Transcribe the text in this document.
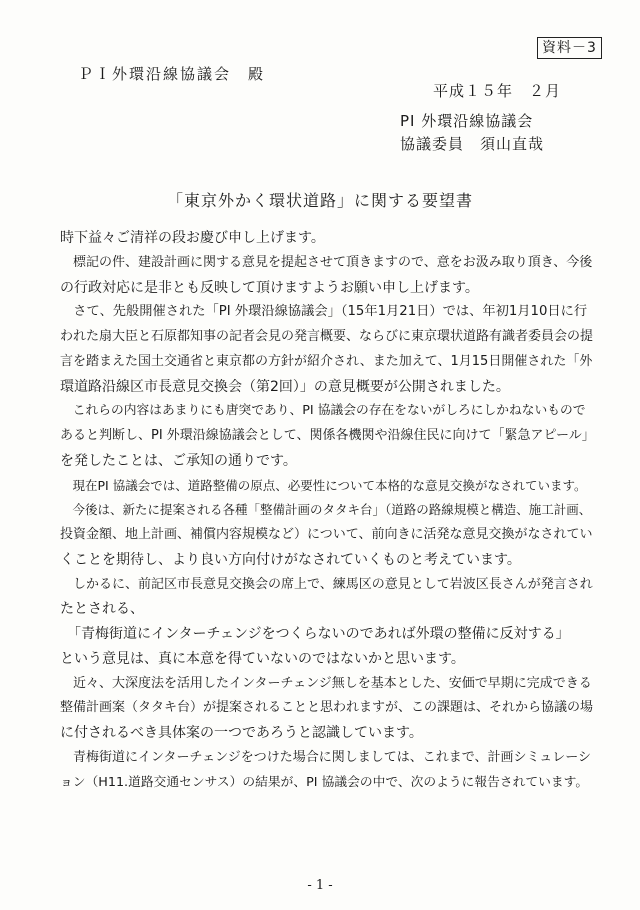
資料－3
ＰＩ外環沿線協議会　殿
平成１５年　２月
PI 外環沿線協議会
協議委員　須山直哉
「東京外かく環状道路」に関する要望書
時下益々ご清祥の段お慶び申し上げます。
　標記の件、建設計画に関する意見を提起させて頂きますので、意をお汲み取り頂き、今後
の行政対応に是非とも反映して頂けますようお願い申し上げます。
　さて、先般開催された「PI 外環沿線協議会」（15年1月21日）では、年初1月10日に行
われた扇大臣と石原都知事の記者会見の発言概要、ならびに東京環状道路有識者委員会の提
言を踏まえた国土交通省と東京都の方針が紹介され、また加えて、1月15日開催された「外
環道路沿線区市長意見交換会（第2回）」の意見概要が公開されました。
　これらの内容はあまりにも唐突であり、PI 協議会の存在をないがしろにしかねないもので
あると判断し、PI 外環沿線協議会として、関係各機関や沿線住民に向けて「緊急アピール」
を発したことは、ご承知の通りです。
　現在PI 協議会では、道路整備の原点、必要性について本格的な意見交換がなされています。
　今後は、新たに提案される各種「整備計画のタタキ台」（道路の路線規模と構造、施工計画、
投資金額、地上計画、補償内容規模など）について、前向きに活発な意見交換がなされてい
くことを期待し、より良い方向付けがなされていくものと考えています。
　しかるに、前記区市長意見交換会の席上で、練馬区の意見として岩波区長さんが発言され
たとされる、
　「青梅街道にインターチェンジをつくらないのであれば外環の整備に反対する」
という意見は、真に本意を得ていないのではないかと思います。
　近々、大深度法を活用したインターチェンジ無しを基本とした、安価で早期に完成できる
整備計画案（タタキ台）が提案されることと思われますが、この課題は、それから協議の場
に付されるべき具体案の一つであろうと認識しています。
　青梅街道にインターチェンジをつけた場合に関しましては、これまで、計画シミュレーシ
ョン（H11.道路交通センサス）の結果が、PI 協議会の中で、次のように報告されています。
- 1 -
